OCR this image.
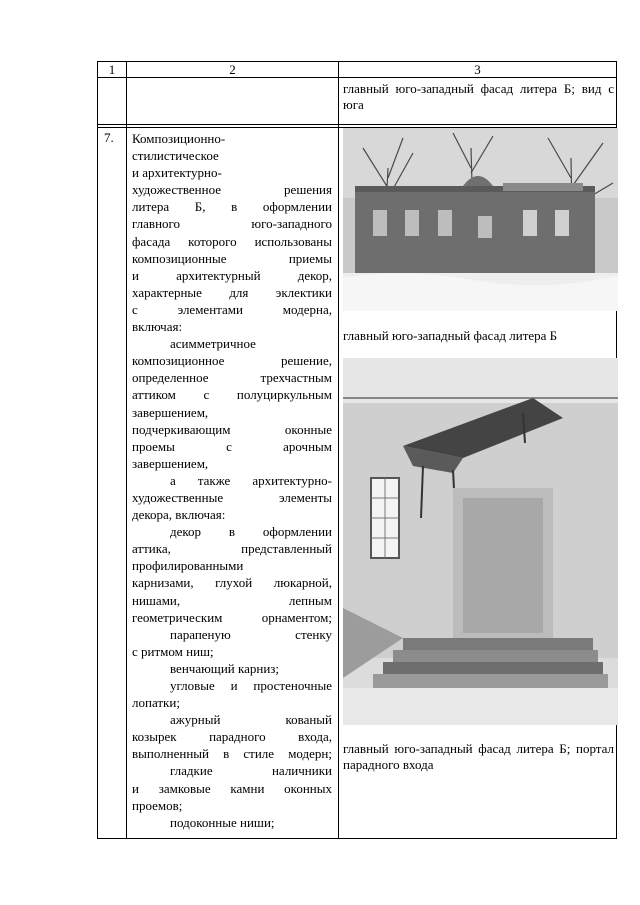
1	2	3
главный юго-западный фасад литера Б; вид с юга
7. Композиционно-

стилистическое

и архитектурно-

художественное решения

литера Б, в оформлении

главного юго-западного

фасада которого использованы

композиционные приемы

и архитектурный декор,

характерные для эклектики

с элементами модерна,

включая:

асимметричное

композиционное решение,

определенное трехчастным

аттиком с полуциркульным

завершением,

подчеркивающим оконные

проемы с арочным

завершением,

а также архитектурно-

художественные элементы

декора, включая:

декор в оформлении

аттика, представленный

профилированными

карнизами, глухой люкарной,

нишами, лепным

геометрическим орнаментом;

парапеную стенку

с ритмом ниш;

венчающий карниз;

угловые и простеночные

лопатки;

ажурный кованый

козырек парадного входа,

выполненный в стиле модерн;

гладкие наличники

и замковые камни оконных

проемов;

подоконные ниши;

главный юго-западный фасад литера Б
главный юго-западный фасад литера Б; портал парадного входа
